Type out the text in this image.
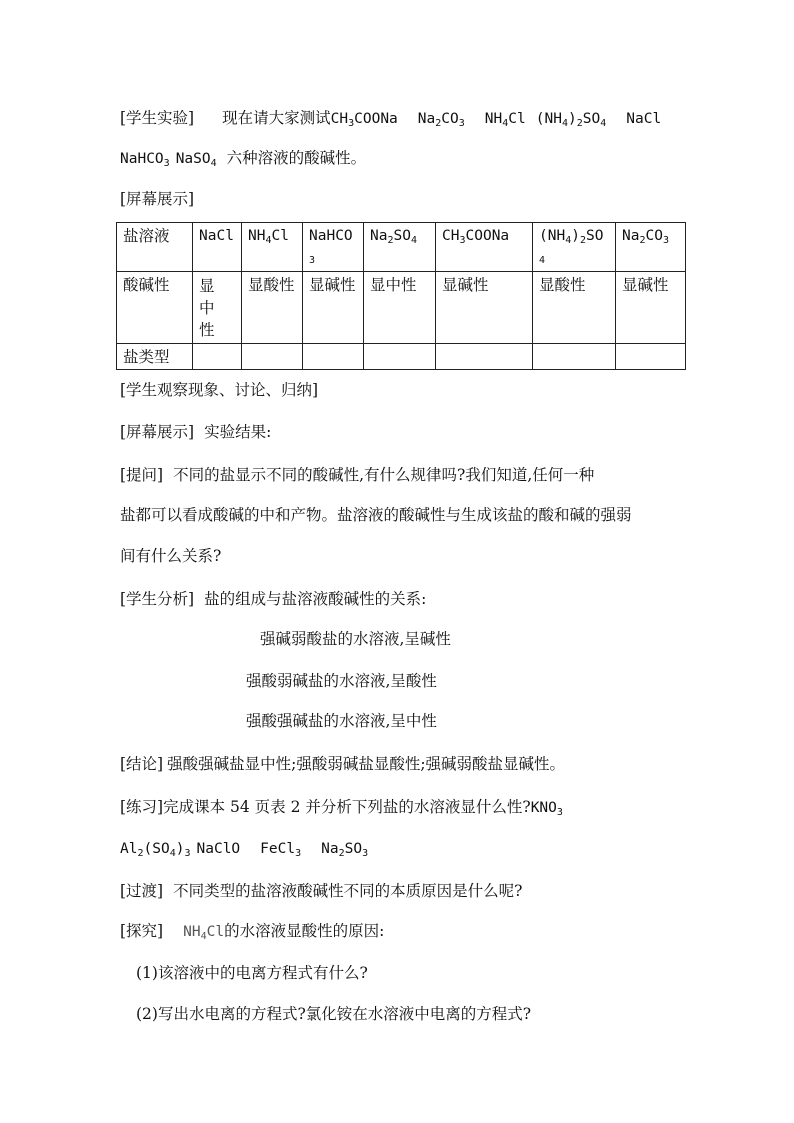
[学生实验] 现在请大家测试$CH_3COONa$ $Na_2CO_3$ $NH_4Cl$ $(NH_4)_2SO_4$ NaCl
NaHCO$_3$ NaSO$_4$ 六种溶液的酸碱性。
[屏幕展示]
盐溶液	NaCl	$NH_4Cl$	NaHCO$_3$	$Na_2SO_4$	$CH_3COONa$	$(NH_4)_2SO_4$	$Na_2CO_3$
酸碱性	显中性	显酸性	显碱性	显中性	显碱性	显酸性	显碱性
盐类型							
[学生观察现象、讨论、归纳]
[屏幕展示] 实验结果:
[提问] 不同的盐显示不同的酸碱性,有什么规律吗?我们知道,任何一种
盐都可以看成酸碱的中和产物。盐溶液的酸碱性与生成该盐的酸和碱的强弱
间有什么关系?
[学生分析] 盐的组成与盐溶液酸碱性的关系:
强碱弱酸盐的水溶液,呈碱性
强酸弱碱盐的水溶液,呈酸性
强酸强碱盐的水溶液,呈中性
[结论] 强酸强碱盐显中性;强酸弱碱盐显酸性;强碱弱酸盐显碱性。
[练习]完成课本 54 页表 2 并分析下列盐的水溶液显什么性$?KNO_3$
$Al_2(SO_4)_3$ NaClO FeCl$_3$ $Na_2SO_3$
[过渡] 不同类型的盐溶液酸碱性不同的本质原因是什么呢?
[探究] $NH_4Cl$的水溶液显酸性的原因:
(1)该溶液中的电离方程式有什么?
(2)写出水电离的方程式?氯化铵在水溶液中电离的方程式?
